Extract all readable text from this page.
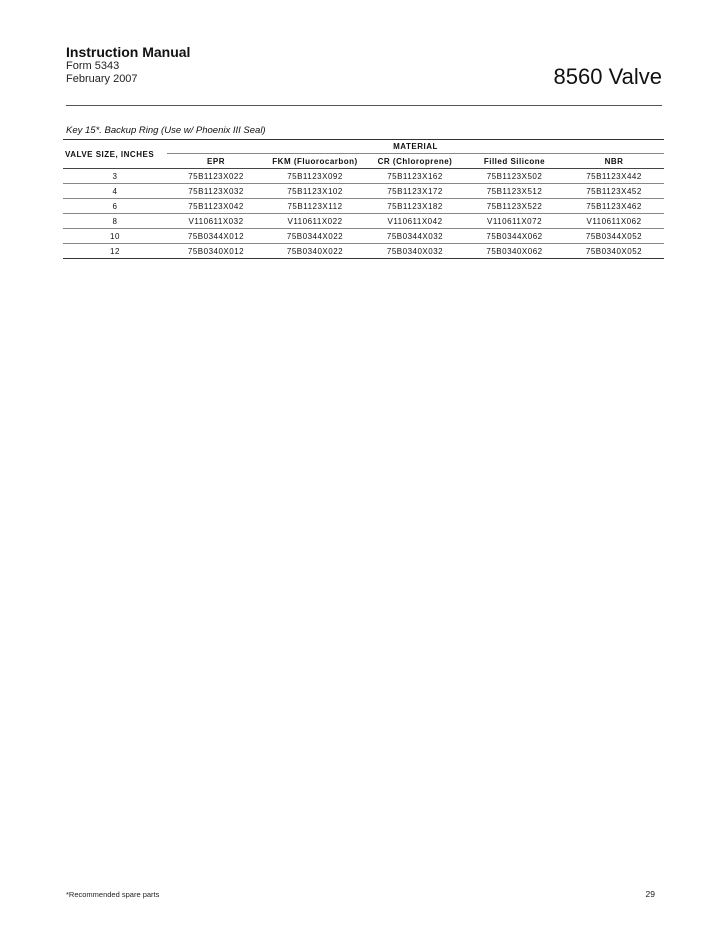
Instruction Manual
Form 5343
February 2007	8560 Valve
Key 15*. Backup Ring (Use w/ Phoenix III Seal)
VALVE SIZE, INCHES	MATERIAL				
	EPR	FKM (Fluorocarbon)	CR (Chloroprene)	Filled Silicone	NBR
3	75B1123X022	75B1123X092	75B1123X162	75B1123X502	75B1123X442
4	75B1123X032	75B1123X102	75B1123X172	75B1123X512	75B1123X452
6	75B1123X042	75B1123X112	75B1123X182	75B1123X522	75B1123X462
8	V110611X032	V110611X022	V110611X042	V110611X072	V110611X062
10	75B0344X012	75B0344X022	75B0344X032	75B0344X062	75B0344X052
12	75B0340X012	75B0340X022	75B0340X032	75B0340X062	75B0340X052
*Recommended spare parts	29
